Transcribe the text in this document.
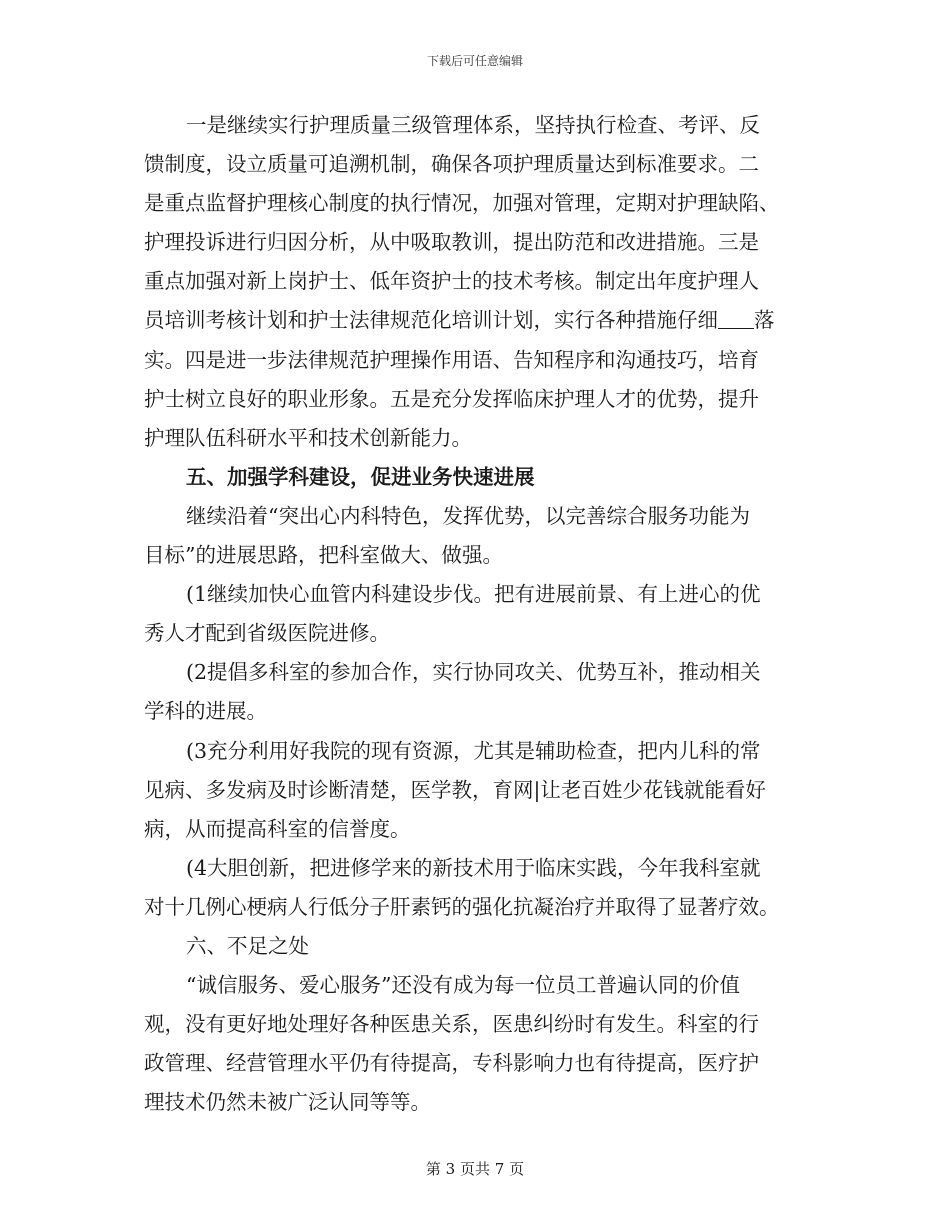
下载后可任意编辑
一是继续实行护理质量三级管理体系，坚持执行检查、考评、反
馈制度，设立质量可追溯机制，确保各项护理质量达到标准要求。二
是重点监督护理核心制度的执行情况，加强对管理，定期对护理缺陷、
护理投诉进行归因分析，从中吸取教训，提出防范和改进措施。三是
重点加强对新上岗护士、低年资护士的技术考核。制定出年度护理人
员培训考核计划和护士法律规范化培训计划，实行各种措施仔细 落
实。四是进一步法律规范护理操作用语、告知程序和沟通技巧，培育
护士树立良好的职业形象。五是充分发挥临床护理人才的优势，提升
护理队伍科研水平和技术创新能力。
五、加强学科建设，促进业务快速进展
继续沿着“突出心内科特色，发挥优势，以完善综合服务功能为
目标”的进展思路，把科室做大、做强。
(1继续加快心血管内科建设步伐。把有进展前景、有上进心的优
秀人才配到省级医院进修。
(2提倡多科室的参加合作，实行协同攻关、优势互补，推动相关
学科的进展。
(3充分利用好我院的现有资源，尤其是辅助检查，把内儿科的常
见病、多发病及时诊断清楚，医学教，育网|让老百姓少花钱就能看好
病，从而提高科室的信誉度。
(4大胆创新，把进修学来的新技术用于临床实践，今年我科室就
对十几例心梗病人行低分子肝素钙的强化抗凝治疗并取得了显著疗效。
六、不足之处
“诚信服务、爱心服务”还没有成为每一位员工普遍认同的价值
观，没有更好地处理好各种医患关系，医患纠纷时有发生。科室的行
政管理、经营管理水平仍有待提高，专科影响力也有待提高，医疗护
理技术仍然未被广泛认同等等。
第 3 页共 7 页
